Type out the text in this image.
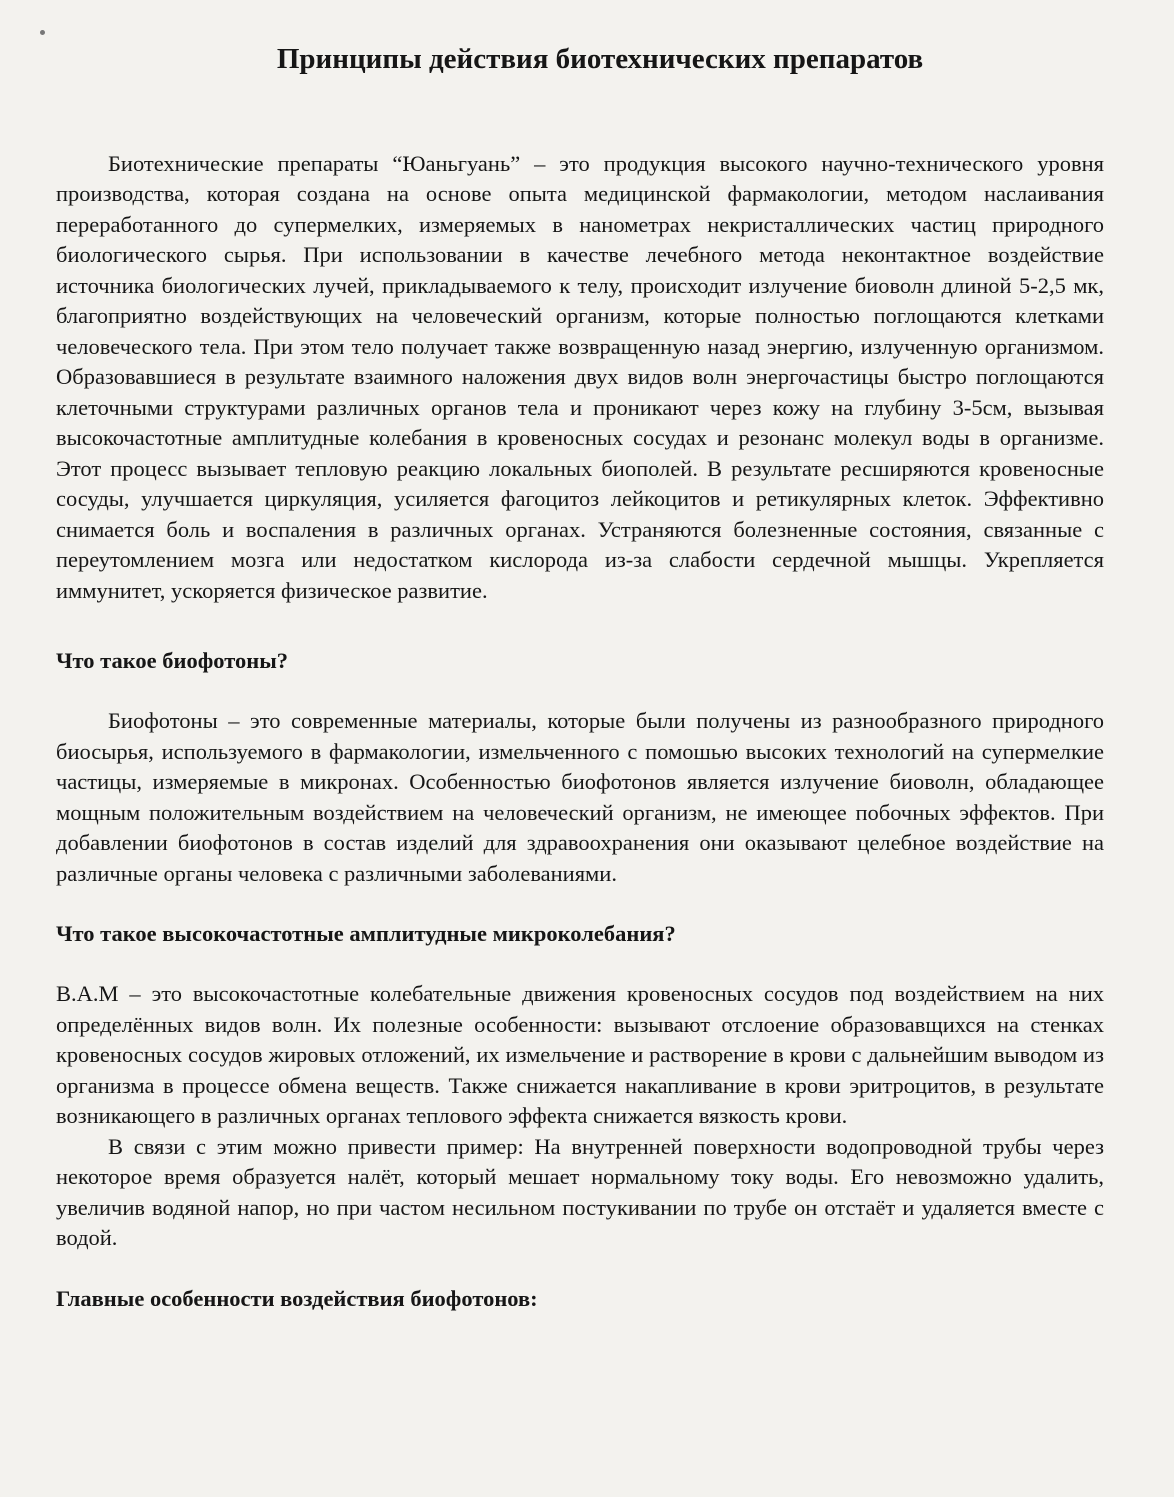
Принципы действия биотехнических препаратов

Биотехнические препараты “Юаньгуань” – это продукция высокого научно-технического уровня производства, которая создана на основе опыта медицинской фармакологии, методом наслаивания переработанного до супермелких, измеряемых в нанометрах некристаллических частиц природного биологического сырья. При использовании в качестве лечебного метода неконтактное воздействие источника биологических лучей, прикладываемого к телу, происходит излучение биоволн длиной 5-2,5 мк, благоприятно воздействующих на человеческий организм, которые полностью поглощаются клетками человеческого тела. При этом тело получает также возвращенную назад энергию, излученную организмом. Образовавшиеся в результате взаимного наложения двух видов волн энергочастицы быстро поглощаются клеточными структурами различных органов тела и проникают через кожу на глубину 3-5см, вызывая высокочастотные амплитудные колебания в кровеносных сосудах и резонанс молекул воды в организме. Этот процесс вызывает тепловую реакцию локальных биополей. В результате ресширяются кровеносные сосуды, улучшается циркуляция, усиляется фагоцитоз лейкоцитов и ретикулярных клеток. Эффективно снимается боль и воспаления в различных органах. Устраняются болезненные состояния, связанные с переутомлением мозга или недостатком кислорода из-за слабости сердечной мышцы. Укрепляется иммунитет, ускоряется физическое развитие.

Что такое биофотоны?

Биофотоны – это современные материалы, которые были получены из разнообразного природного биосырья, используемого в фармакологии, измельченного с помошью высоких технологий на супермелкие частицы, измеряемые в микронах. Особенностью биофотонов является излучение биоволн, обладающее мощным положительным воздействием на человеческий организм, не имеющее побочных эффектов. При добавлении биофотонов в состав изделий для здравоохранения они оказывают целебное воздействие на различные органы человека с различными заболеваниями.

Что такое высокочастотные амплитудные микроколебания?

В.А.М – это высокочастотные колебательные движения кровеносных сосудов под воздействием на них определённых видов волн. Их полезные особенности: вызывают отслоение образовавщихся на стенках кровеносных сосудов жировых отложений, их измельчение и растворение в крови с дальнейшим выводом из организма в процессе обмена веществ. Также снижается накапливание в крови эритроцитов, в результате возникающего в различных органах теплового эффекта снижается вязкость крови.

В связи с этим можно привести пример: На внутренней поверхности водопроводной трубы через некоторое время образуется налёт, который мешает нормальному току воды. Его невозможно удалить, увеличив водяной напор, но при частом несильном постукивании по трубе он отстаёт и удаляется вместе с водой.

Главные особенности воздействия биофотонов:
